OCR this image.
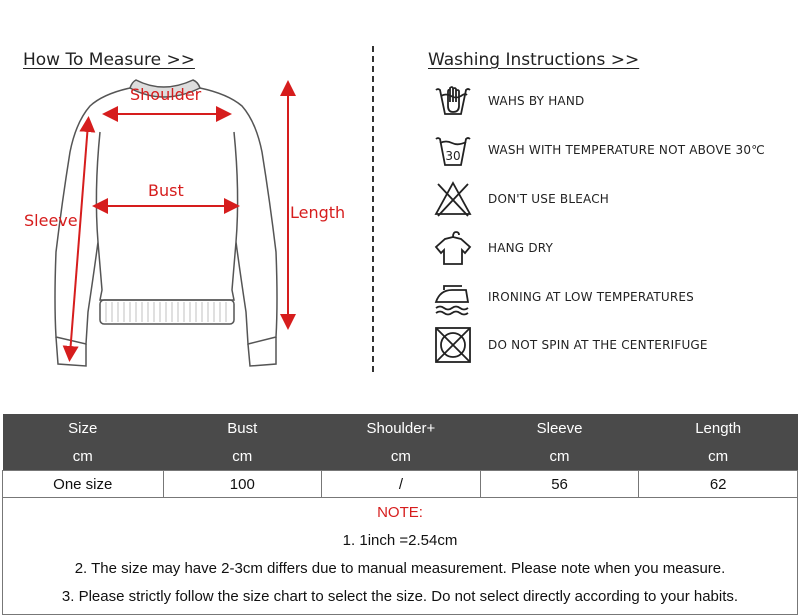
How To Measure >>	Washing Instructions >>
Shoulder
Bust
Sleeve	Length
WAHS BY HAND
30 WASH WITH TEMPERATURE NOT ABOVE 30℃
DON'T USE BLEACH
HANG DRY
IRONING AT LOW TEMPERATURES
DO NOT SPIN AT THE CENTERIFUGE
Size	Bust	Shoulder+	Sleeve	Length
cm	cm	cm	cm	cm
One size	100	/	56	62
NOTE:
1. 1inch =2.54cm
2. The size may have 2-3cm differs due to manual measurement. Please note when you measure.
3. Please strictly follow the size chart to select the size. Do not select directly according to your habits.
